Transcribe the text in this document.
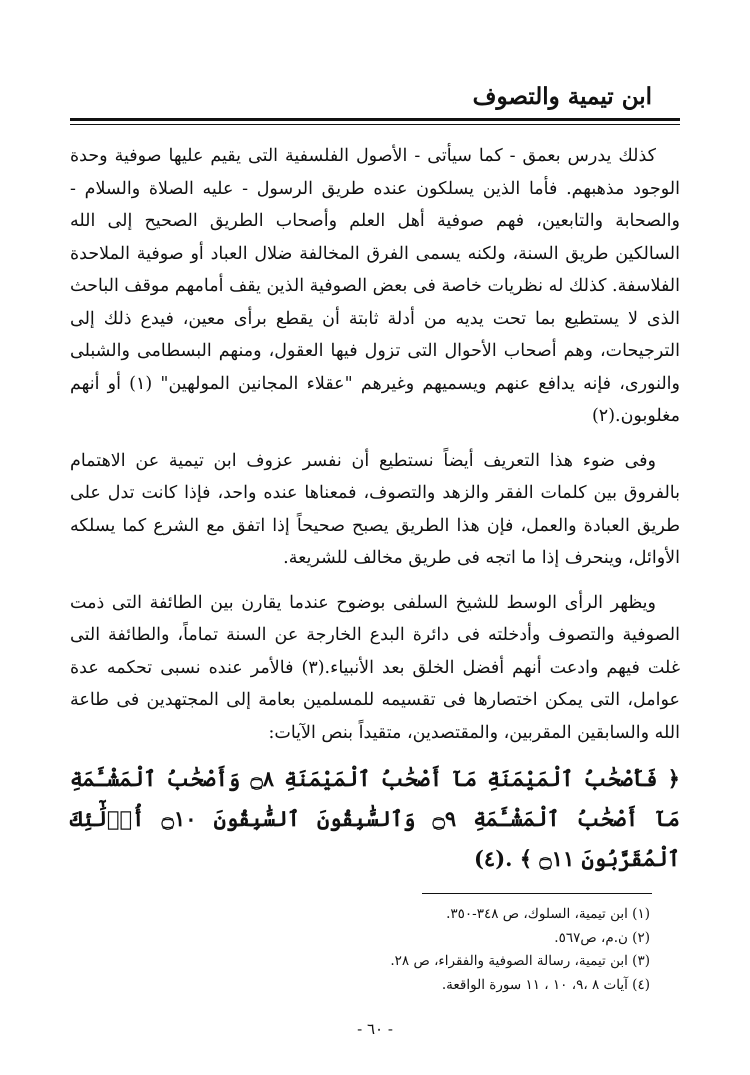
ابن تيمية والتصوف

كذلك يدرس بعمق - كما سيأتى - الأصول الفلسفية التى يقيم عليها صوفية وحدة الوجود مذهبهم. فأما الذين يسلكون عنده طريق الرسول - عليه الصلاة والسلام - والصحابة والتابعين، فهم صوفية أهل العلم وأصحاب الطريق الصحيح إلى الله السالكين طريق السنة، ولكنه يسمى الفرق المخالفة ضلال العباد أو صوفية الملاحدة الفلاسفة. كذلك له نظريات خاصة فى بعض الصوفية الذين يقف أمامهم موقف الباحث الذى لا يستطيع بما تحت يديه من أدلة ثابتة أن يقطع برأى معين، فيدع ذلك إلى الترجيحات، وهم أصحاب الأحوال التى تزول فيها العقول، ومنهم البسطامى والشبلى والنورى، فإنه يدافع عنهم ويسميهم وغيرهم "عقلاء المجانين المولهين" (١) أو أنهم مغلوبون.(٢)

وفى ضوء هذا التعريف أيضاً نستطيع أن نفسر عزوف ابن تيمية عن الاهتمام بالفروق بين كلمات الفقر والزهد والتصوف، فمعناها عنده واحد، فإذا كانت تدل على طريق العبادة والعمل، فإن هذا الطريق يصبح صحيحاً إذا اتفق مع الشرع كما يسلكه الأوائل، وينحرف إذا ما اتجه فى طريق مخالف للشريعة.

ويظهر الرأى الوسط للشيخ السلفى بوضوح عندما يقارن بين الطائفة التى ذمت الصوفية والتصوف وأدخلته فى دائرة البدع الخارجة عن السنة تماماً، والطائفة التى غلت فيهم وادعت أنهم أفضل الخلق بعد الأنبياء.(٣) فالأمر عنده نسبى تحكمه عدة عوامل، التى يمكن اختصارها فى تقسيمه للمسلمين بعامة إلى المجتهدين فى طاعة الله والسابقين المقربين، والمقتصدين، متقيداً بنص الآيات:

﴿ فَأَصْحَٰبُ ٱلْمَيْمَنَةِ مَآ أَصْحَٰبُ ٱلْمَيْمَنَةِ ۝٨ وَأَصْحَٰبُ ٱلْمَشْـَٔمَةِ مَآ أَصْحَٰبُ ٱلْمَشْـَٔمَةِ ۝٩ وَٱلسَّٰبِقُونَ ٱلسَّٰبِقُونَ ۝١٠ أُو۟لَٰٓئِكَ ٱلْمُقَرَّبُونَ ۝١١ ﴾ .(٤)

(١) ابن تيمية، السلوك، ص ٣٤٨-٣٥٠.
(٢) ن.م، ص٥٦٧.
(٣) ابن تيمية، رسالة الصوفية والفقراء، ص ٢٨.
(٤) آيات ٨ ،٩، ١٠ ، ١١ سورة الواقعة.
- ٦٠ -
